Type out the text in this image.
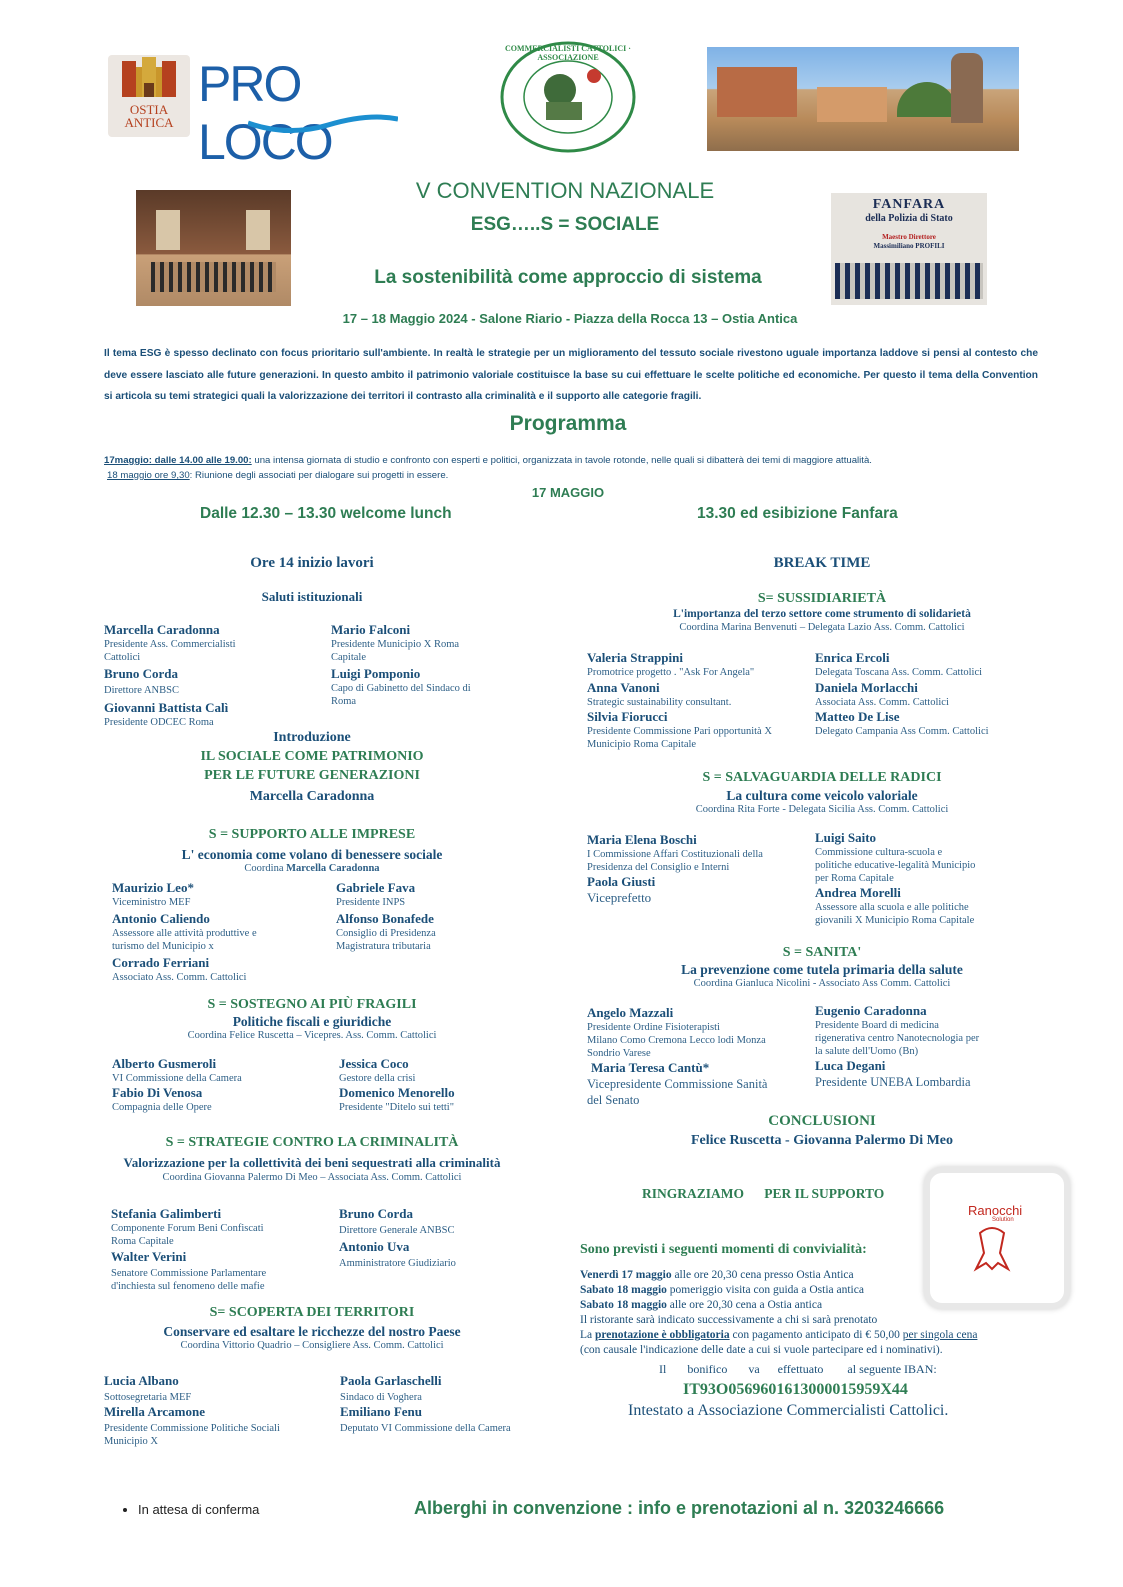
OSTIA
ANTICA
PRO LOCO
COMMERCIALISTI CATTOLICI · ASSOCIAZIONE
FANFARA
della Polizia di Stato
Maestro Direttore
Massimiliano PROFILI
V CONVENTION NAZIONALE
ESG…..S = SOCIALE
La sostenibilità come approccio di sistema
17 – 18 Maggio 2024 - Salone Riario - Piazza della Rocca 13 – Ostia Antica
Il tema ESG è spesso declinato con focus prioritario sull'ambiente. In realtà le strategie per un miglioramento del tessuto sociale rivestono uguale importanza laddove si pensi al contesto che deve essere lasciato alle future generazioni. In questo ambito il patrimonio valoriale costituisce la base su cui effettuare le scelte politiche ed economiche. Per questo il tema della Convention si articola su temi strategici quali la valorizzazione dei territori il contrasto alla criminalità e il supporto alle categorie fragili.
Programma
17maggio: dalle 14.00 alle 19.00: una intensa giornata di studio e confronto con esperti e politici, organizzata in tavole rotonde, nelle quali si dibatterà dei temi di maggiore attualità.
18 maggio ore 9,30: Riunione degli associati per dialogare sui progetti in essere.
17 MAGGIO
Dalle 12.30 – 13.30 welcome lunch	13.30 ed esibizione Fanfara
Ore 14 inizio lavori
Saluti istituzionali
Marcella Caradonna
Presidente Ass. Commercialisti
Cattolici
Bruno Corda
Direttore ANBSC
Giovanni Battista Calì
Presidente ODCEC Roma
Mario Falconi
Presidente Municipio X Roma
Capitale
Luigi Pomponio
Capo di Gabinetto del Sindaco di
Roma
Introduzione
IL SOCIALE COME PATRIMONIO
PER LE FUTURE GENERAZIONI
Marcella Caradonna
S = SUPPORTO ALLE IMPRESE
L' economia come volano di benessere sociale
Coordina Marcella Caradonna
Maurizio Leo*
Viceministro MEF
Antonio Caliendo
Assessore alle attività produttive e
turismo del Municipio x
Corrado Ferriani
Associato Ass. Comm. Cattolici
Gabriele Fava
Presidente INPS
Alfonso Bonafede
Consiglio di Presidenza
Magistratura tributaria
S = SOSTEGNO AI PIÙ FRAGILI
Politiche fiscali e giuridiche
Coordina Felice Ruscetta – Vicepres. Ass. Comm. Cattolici
Alberto Gusmeroli
VI Commissione della Camera
Fabio Di Venosa
Compagnia delle Opere
Jessica Coco
Gestore della crisi
Domenico Menorello
Presidente "Ditelo sui tetti"
S = STRATEGIE CONTRO LA CRIMINALITÀ
Valorizzazione per la collettività dei beni sequestrati alla criminalità
Coordina Giovanna Palermo Di Meo – Associata Ass. Comm. Cattolici
Stefania Galimberti
Componente Forum Beni Confiscati
Roma Capitale
Walter Verini
Senatore Commissione Parlamentare
d'inchiesta sul fenomeno delle mafie
Bruno Corda
Direttore Generale ANBSC
Antonio Uva
Amministratore Giudiziario
S= SCOPERTA DEI TERRITORI
Conservare ed esaltare le ricchezze del nostro Paese
Coordina Vittorio Quadrio – Consigliere Ass. Comm. Cattolici
Lucia Albano
Sottosegretaria MEF
Mirella Arcamone
Presidente Commissione Politiche Sociali
Municipio X
Paola Garlaschelli
Sindaco di Voghera
Emiliano Fenu
Deputato VI Commissione della Camera
BREAK TIME
S= SUSSIDIARIETÀ
L'importanza del terzo settore come strumento di solidarietà
Coordina Marina Benvenuti – Delegata Lazio Ass. Comm. Cattolici
Valeria Strappini
Promotrice progetto . "Ask For Angela"
Anna Vanoni
Strategic sustainability consultant.
Silvia Fiorucci
Presidente Commissione Pari opportunità X
Municipio Roma Capitale
Enrica Ercoli
Delegata Toscana Ass. Comm. Cattolici
Daniela Morlacchi
Associata Ass. Comm. Cattolici
Matteo De Lise
Delegato Campania Ass Comm. Cattolici
S = SALVAGUARDIA DELLE RADICI
La cultura come veicolo valoriale
Coordina Rita Forte - Delegata Sicilia Ass. Comm. Cattolici
Maria Elena Boschi
I Commissione Affari Costituzionali della
Presidenza del Consiglio e Interni
Paola Giusti
Viceprefetto
Luigi Saito
Commissione cultura-scuola e
politiche educative-legalità Municipio
per Roma Capitale
Andrea Morelli
Assessore alla scuola e alle politiche
giovanili X Municipio Roma Capitale
S = SANITA'
La prevenzione come tutela primaria della salute
Coordina Gianluca Nicolini - Associato Ass Comm. Cattolici
Angelo Mazzali
Presidente Ordine Fisioterapisti
Milano Como Cremona Lecco lodi Monza
Sondrio Varese
Maria Teresa Cantù*
Vicepresidente Commissione Sanità
del Senato
Eugenio Caradonna
Presidente Board di medicina
rigenerativa centro Nanotecnologia per
la salute dell'Uomo (Bn)
Luca Degani
Presidente UNEBA Lombardia
CONCLUSIONI
Felice Ruscetta - Giovanna Palermo Di Meo
RINGRAZIAMO      PER IL SUPPORTO
Ranocchi
Solution
Sono previsti i seguenti momenti di convivialità:
Venerdì 17 maggio alle ore 20,30 cena presso Ostia Antica
Sabato 18 maggio pomeriggio visita con guida a Ostia antica
Sabato 18 maggio alle ore 20,30 cena a Ostia antica
Il ristorante sarà indicato successivamente a chi si sarà prenotato
La prenotazione è obbligatoria con pagamento anticipato di € 50,00 per singola cena
(con causale l'indicazione delle date a cui si vuole partecipare ed i nominativi).
Il       bonifico       va      effettuato        al seguente IBAN:
IT93O0569601613000015959X44
Intestato a Associazione Commercialisti Cattolici.
• In attesa di conferma	Alberghi in convenzione : info e prenotazioni al n. 3203246666
